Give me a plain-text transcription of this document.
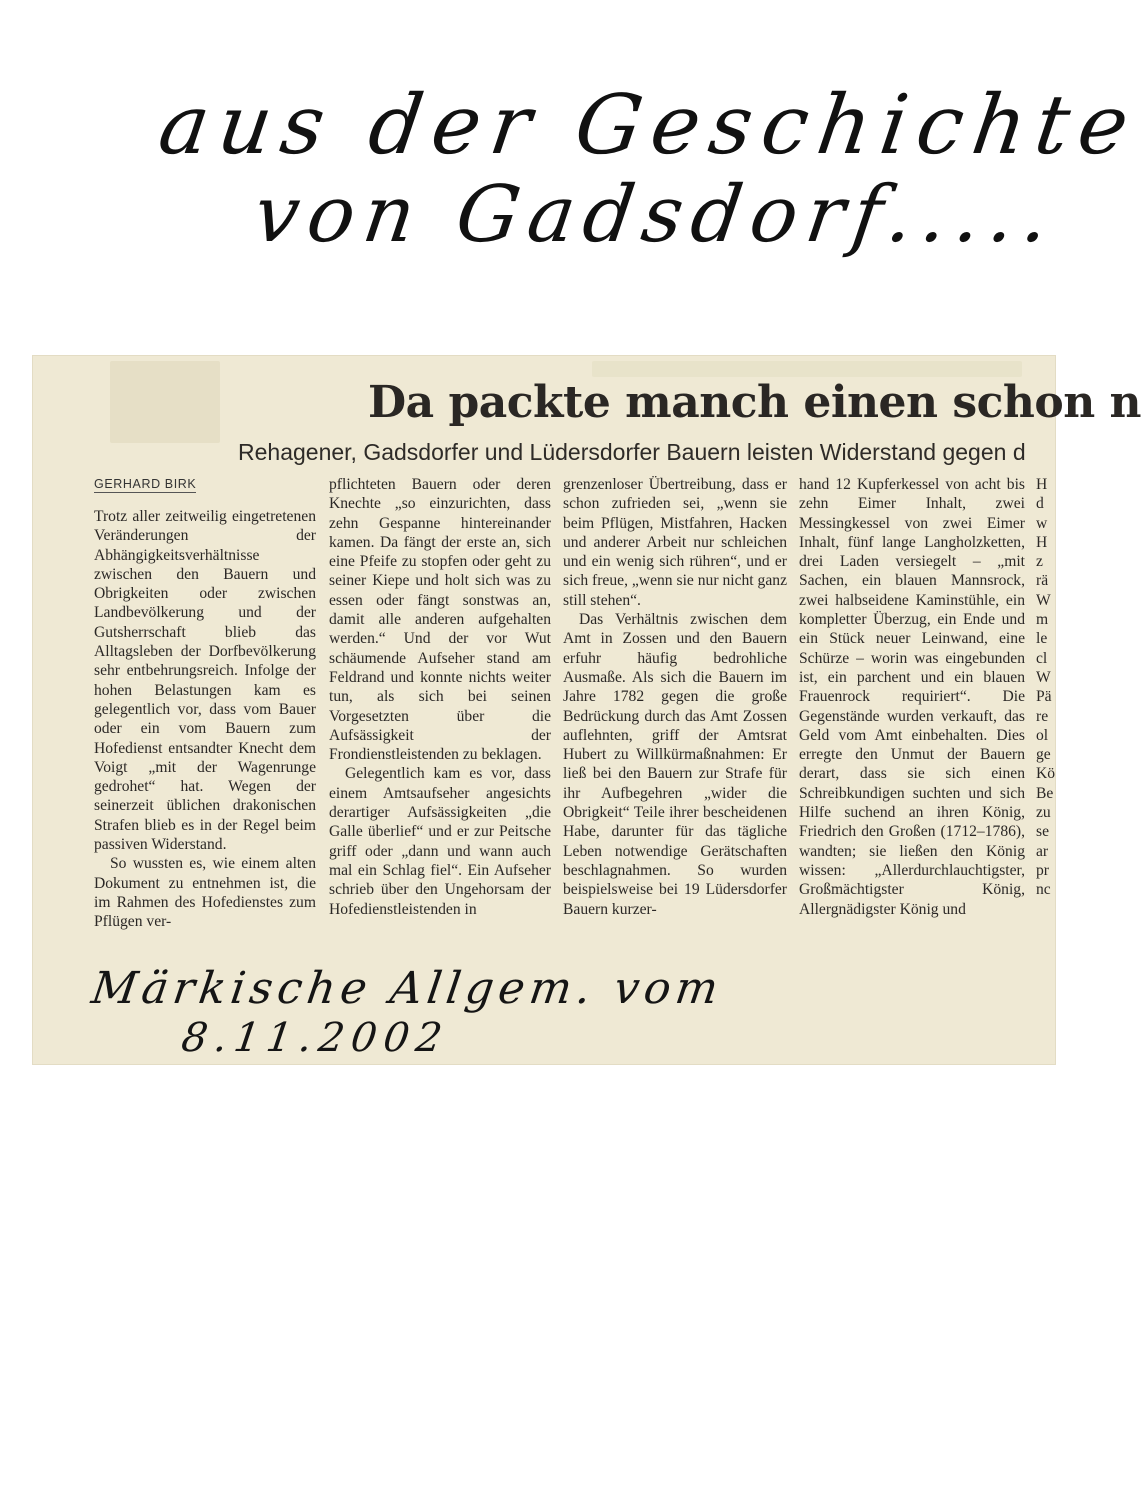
aus der Geschichte
von Gadsdorf.....
Da packte manch einen schon n
Rehagener, Gadsdorfer und Lüdersdorfer Bauern leisten Widerstand gegen d
GERHARD BIRK

Trotz aller zeitweilig eingetretenen Veränderungen der Abhängigkeitsverhältnisse zwischen den Bauern und Obrigkeiten oder zwischen Landbevölkerung und der Gutsherrschaft blieb das Alltagsleben der Dorfbevölkerung sehr entbehrungsreich. Infolge der hohen Belastungen kam es gelegentlich vor, dass vom Bauer oder ein vom Bauern zum Hofedienst entsandter Knecht dem Voigt „mit der Wagenrunge gedrohet“ hat. Wegen der seinerzeit üblichen drakonischen Strafen blieb es in der Regel beim passiven Widerstand.

So wussten es, wie einem alten Dokument zu entnehmen ist, die im Rahmen des Hofedienstes zum Pflügen ver-

pflichteten Bauern oder deren Knechte „so einzurichten, dass zehn Gespanne hintereinander kamen. Da fängt der erste an, sich eine Pfeife zu stopfen oder geht zu seiner Kiepe und holt sich was zu essen oder fängt sonstwas an, damit alle anderen aufgehalten werden.“ Und der vor Wut schäumende Aufseher stand am Feldrand und konnte nichts weiter tun, als sich bei seinen Vorgesetzten über die Aufsässigkeit der Frondienstleistenden zu beklagen.

Gelegentlich kam es vor, dass einem Amtsaufseher angesichts derartiger Aufsässigkeiten „die Galle überlief“ und er zur Peitsche griff oder „dann und wann auch mal ein Schlag fiel“. Ein Aufseher schrieb über den Ungehorsam der Hofedienstleistenden in

grenzenloser Übertreibung, dass er schon zufrieden sei, „wenn sie beim Pflügen, Mistfahren, Hacken und anderer Arbeit nur schleichen und ein wenig sich rühren“, und er sich freue, „wenn sie nur nicht ganz still stehen“.

Das Verhältnis zwischen dem Amt in Zossen und den Bauern erfuhr häufig bedrohliche Ausmaße. Als sich die Bauern im Jahre 1782 gegen die große Bedrückung durch das Amt Zossen auflehnten, griff der Amtsrat Hubert zu Willkürmaßnahmen: Er ließ bei den Bauern zur Strafe für ihr Aufbegehren „wider die Obrigkeit“ Teile ihrer bescheidenen Habe, darunter für das tägliche Leben notwendige Gerätschaften beschlagnahmen. So wurden beispielsweise bei 19 Lüdersdorfer Bauern kurzer-

hand 12 Kupferkessel von acht bis zehn Eimer Inhalt, zwei Messingkessel von zwei Eimer Inhalt, fünf lange Langholzketten, drei Laden versiegelt – „mit Sachen, ein blauen Mannsrock, zwei halbseidene Kaminstühle, ein kompletter Überzug, ein Ende und ein Stück neuer Leinwand, eine Schürze – worin was eingebunden ist, ein parchent und ein blauen Frauenrock requiriert“. Die Gegenstände wurden verkauft, das Geld vom Amt einbehalten. Dies erregte den Unmut der Bauern derart, dass sie sich einen Schreibkundigen suchten und sich Hilfe suchend an ihren König, Friedrich den Großen (1712–1786), wandten; sie ließen den König wissen: „Allerdurchlauchtigster, Großmächtigster König, Allergnädigster König und

H
d
w
H
z
rä
W
m
le
cl
W
Pä
re
ol
ge
Kö
Be
zu
se
ar
pr
nc
Märkische Allgem. vom
8.11.2002
